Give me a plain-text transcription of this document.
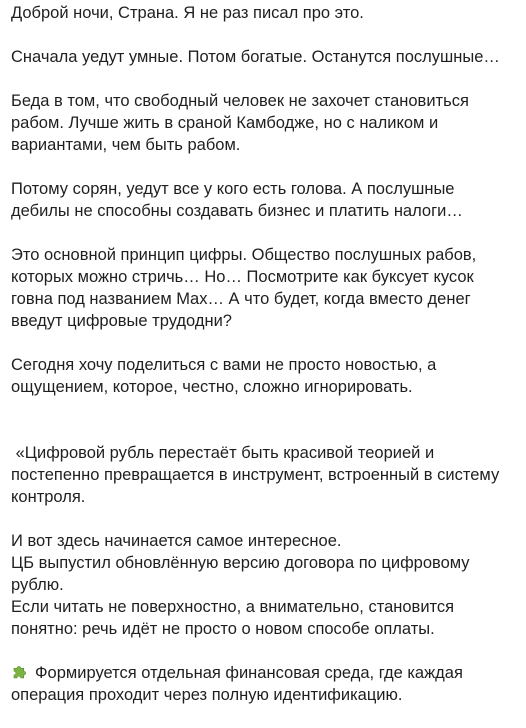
Доброй ночи, Страна. Я не раз писал про это.

Сначала уедут умные. Потом богатые. Останутся послушные…

Беда в том, что свободный человек не захочет становиться рабом. Лучше жить в сраной Камбодже, но с наликом и вариантами, чем быть рабом.

Потому сорян, уедут все у кого есть голова. А послушные дебилы не способны создавать бизнес и платить налоги…

Это основной принцип цифры. Общество послушных рабов, которых можно стричь… Но… Посмотрите как буксует кусок говна под названием Max… А что будет, когда вместо денег введут цифровые трудодни?

Сегодня хочу поделиться с вами не просто новостью, а ощущением, которое, честно, сложно игнорировать.

«Цифровой рубль перестаёт быть красивой теорией и постепенно превращается в инструмент, встроенный в систему контроля.

И вот здесь начинается самое интересное.
ЦБ выпустил обновлённую версию договора по цифровому рублю.
Если читать не поверхностно, а внимательно, становится понятно: речь идёт не просто о новом способе оплаты.

Формируется отдельная финансовая среда, где каждая операция проходит через полную идентификацию.
